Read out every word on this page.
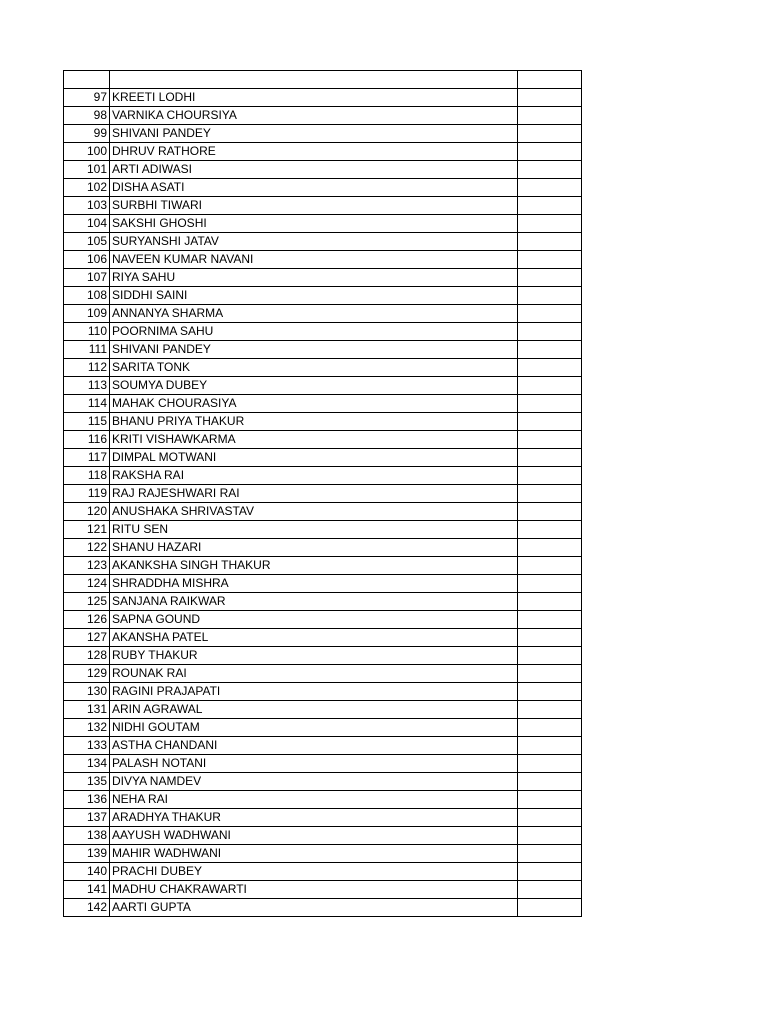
97	KREETI LODHI	
98	VARNIKA CHOURSIYA	
99	SHIVANI PANDEY	
100	DHRUV RATHORE	
101	ARTI ADIWASI	
102	DISHA ASATI	
103	SURBHI TIWARI	
104	SAKSHI GHOSHI	
105	SURYANSHI JATAV	
106	NAVEEN KUMAR NAVANI	
107	RIYA SAHU	
108	SIDDHI SAINI	
109	ANNANYA SHARMA	
110	POORNIMA SAHU	
111	SHIVANI PANDEY	
112	SARITA TONK	
113	SOUMYA DUBEY	
114	MAHAK CHOURASIYA	
115	BHANU PRIYA THAKUR	
116	KRITI VISHAWKARMA	
117	DIMPAL MOTWANI	
118	RAKSHA RAI	
119	RAJ RAJESHWARI RAI	
120	ANUSHAKA SHRIVASTAV	
121	RITU SEN	
122	SHANU HAZARI	
123	AKANKSHA SINGH THAKUR	
124	SHRADDHA MISHRA	
125	SANJANA RAIKWAR	
126	SAPNA GOUND	
127	AKANSHA PATEL	
128	RUBY THAKUR	
129	ROUNAK RAI	
130	RAGINI PRAJAPATI	
131	ARIN AGRAWAL	
132	NIDHI GOUTAM	
133	ASTHA CHANDANI	
134	PALASH NOTANI	
135	DIVYA NAMDEV	
136	NEHA RAI	
137	ARADHYA THAKUR	
138	AAYUSH WADHWANI	
139	MAHIR WADHWANI	
140	PRACHI DUBEY	
141	MADHU CHAKRAWARTI	
142	AARTI GUPTA	
